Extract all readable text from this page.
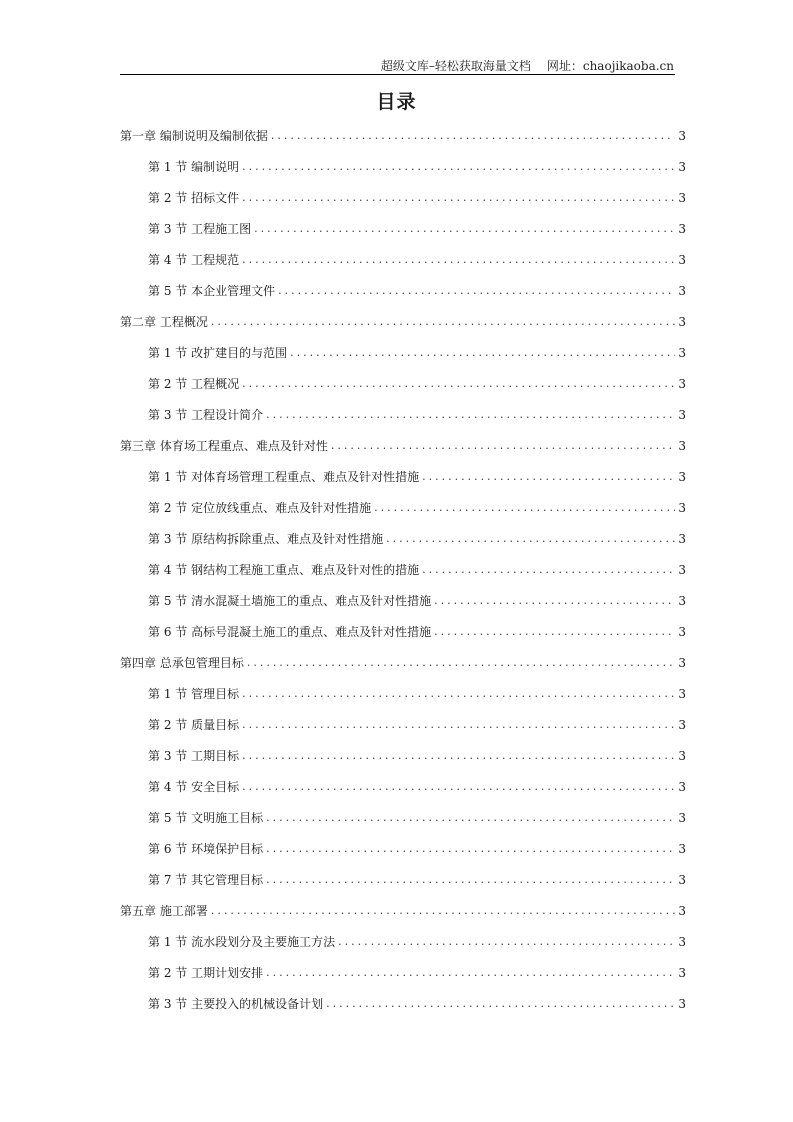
超级文库–轻松获取海量文档 网址：chaojikaoba.cn
目录
第一章 编制说明及编制依据 .....	3
第 1 节 编制说明 .....	3
第 2 节 招标文件 .....	3
第 3 节 工程施工图 .....	3
第 4 节 工程规范 .....	3
第 5 节 本企业管理文件 .....	3
第二章 工程概况 .....	3
第 1 节 改扩建目的与范围 .....	3
第 2 节 工程概况 .....	3
第 3 节 工程设计简介 .....	3
第三章 体育场工程重点、难点及针对性 .....	3
第 1 节 对体育场管理工程重点、难点及针对性措施 .....	3
第 2 节 定位放线重点、难点及针对性措施 .....	3
第 3 节 原结构拆除重点、难点及针对性措施 .....	3
第 4 节 钢结构工程施工重点、难点及针对性的措施 .....	3
第 5 节 清水混凝土墙施工的重点、难点及针对性措施 .....	3
第 6 节 高标号混凝土施工的重点、难点及针对性措施 .....	3
第四章 总承包管理目标 .....	3
第 1 节 管理目标 .....	3
第 2 节 质量目标 .....	3
第 3 节 工期目标 .....	3
第 4 节 安全目标 .....	3
第 5 节 文明施工目标 .....	3
第 6 节 环境保护目标 .....	3
第 7 节 其它管理目标 .....	3
第五章 施工部署 .....	3
第 1 节 流水段划分及主要施工方法 .....	3
第 2 节 工期计划安排 .....	3
第 3 节 主要投入的机械设备计划 .....	3
